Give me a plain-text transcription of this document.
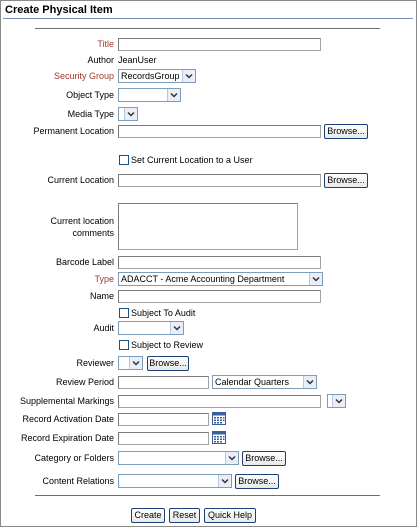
Create Physical Item
Title
Author JeanUser
Security Group RecordsGroup
Object Type
Media Type
Permanent Location	Browse...
Set Current Location to a User
Current Location	Browse...
Current location
comments
Barcode Label
Type ADACCT - Acme Accounting Department
Name
Subject To Audit
Audit
Subject to Review
Reviewer	Browse...
Review Period	Calendar Quarters
Supplemental Markings
Record Activation Date
Record Expiration Date
Category or Folders	Browse...
Content Relations	Browse...
Create	Reset	Quick Help
